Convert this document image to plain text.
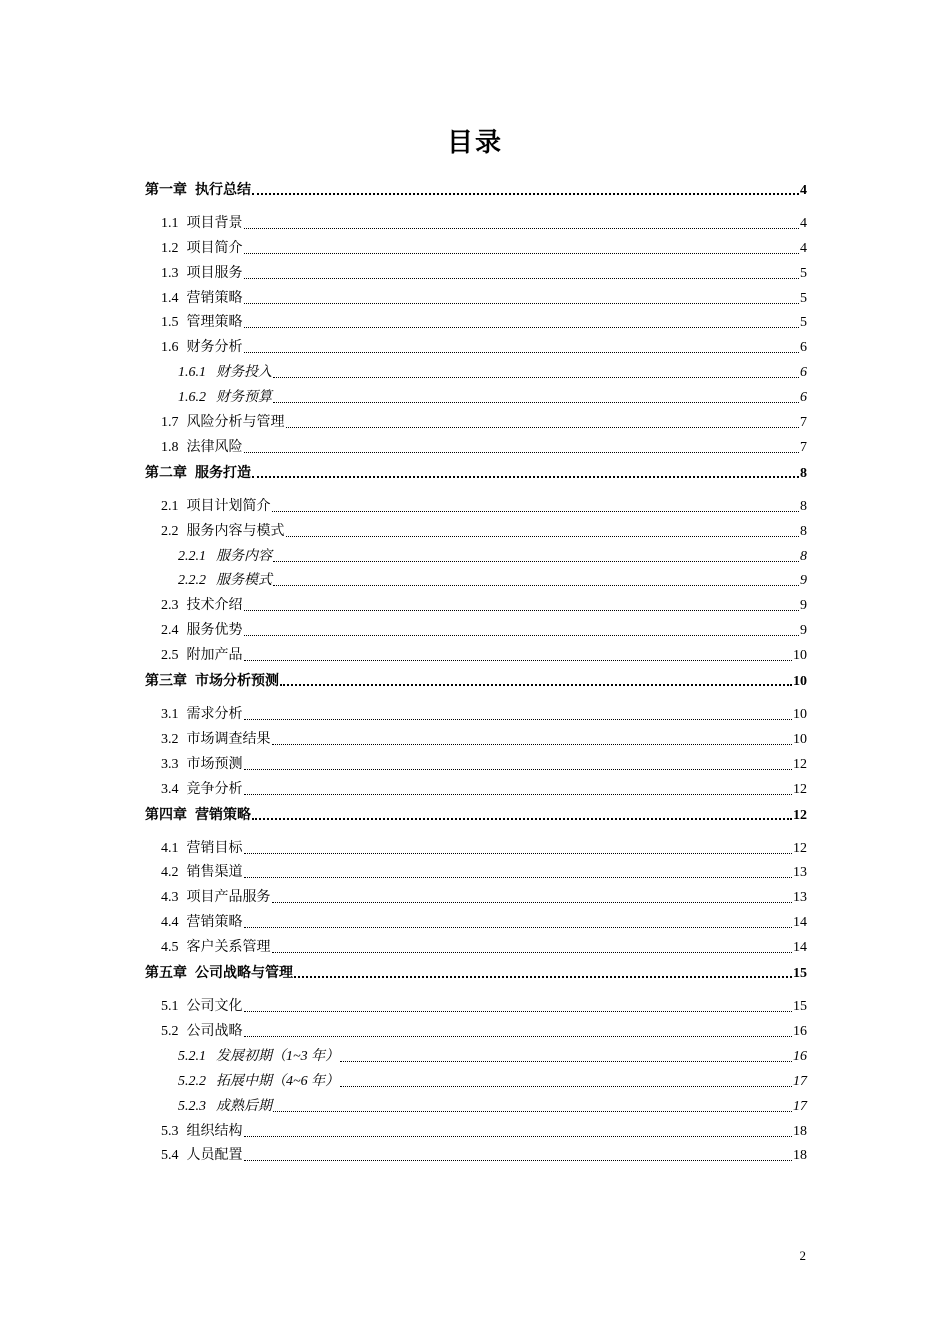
目录
第一章 执行总结	4
1.1 项目背景	4
1.2 项目简介	4
1.3 项目服务	5
1.4 营销策略	5
1.5 管理策略	5
1.6 财务分析	6
1.6.1 财务投入	6
1.6.2 财务预算	6
1.7 风险分析与管理	7
1.8 法律风险	7
第二章 服务打造	8
2.1 项目计划简介	8
2.2 服务内容与模式	8
2.2.1 服务内容	8
2.2.2 服务模式	9
2.3 技术介绍	9
2.4 服务优势	9
2.5 附加产品	10
第三章 市场分析预测	10
3.1 需求分析	10
3.2 市场调查结果	10
3.3 市场预测	12
3.4 竞争分析	12
第四章 营销策略	12
4.1 营销目标	12
4.2 销售渠道	13
4.3 项目产品服务	13
4.4 营销策略	14
4.5 客户关系管理	14
第五章 公司战略与管理	15
5.1 公司文化	15
5.2 公司战略	16
5.2.1 发展初期（1~3 年）	16
5.2.2 拓展中期（4~6 年）	17
5.2.3 成熟后期	17
5.3 组织结构	18
5.4 人员配置	18
2
